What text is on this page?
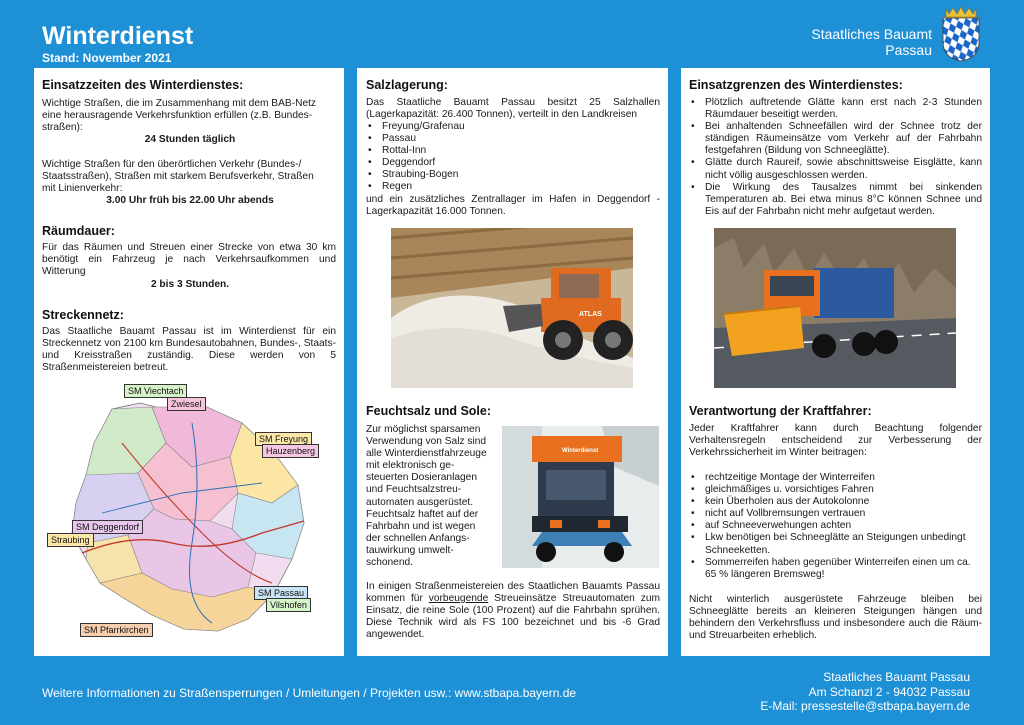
Winterdienst
Stand: November 2021
Staatliches Bauamt
Passau
Einsatzzeiten des Winterdienstes:
Wichtige Straßen, die im Zusammenhang mit dem BAB-Netz
eine herausragende Verkehrsfunktion erfüllen (z.B. Bundes-
straßen):
24 Stunden täglich
Wichtige Straßen für den überörtlichen Verkehr (Bundes-/
Staatsstraßen), Straßen mit starkem Berufsverkehr, Straßen
mit Linienverkehr:
3.00 Uhr früh bis 22.00 Uhr abends
Räumdauer:
Für das Räumen und Streuen einer Strecke von etwa 30 km benötigt ein Fahrzeug je nach Verkehrsaufkommen und Witterung
2 bis 3 Stunden.
Streckennetz:
Das Staatliche Bauamt Passau ist im Winterdienst für ein Streckennetz von 2100 km Bundesautobahnen, Bundes-, Staats- und Kreisstraßen zuständig. Diese werden von 5 Straßenmeistereien betreut.
SM Viechtach
Zwiesel
SM Freyung
Hauzenberg
SM Deggendorf
Straubing
SM Passau
Vilshofen
SM Pfarrkirchen
Salzlagerung:
Das Staatliche Bauamt Passau besitzt 25 Salzhallen (Lagerkapazität: 26.400 Tonnen), verteilt in den Landkreisen
• Freyung/Grafenau
• Passau
• Rottal-Inn
• Deggendorf
• Straubing-Bogen
• Regen
und ein zusätzliches Zentrallager im Hafen in Deggendorf - Lagerkapazität 16.000 Tonnen.
ATLAS
Feuchtsalz und Sole:
Zur möglichst sparsamen
Verwendung von Salz sind
alle Winterdienstfahrzeuge
mit elektronisch ge-
steuerten Dosieranlagen
und Feuchtsalzstreu-
automaten ausgerüstet.
Feuchtsalz haftet auf der
Fahrbahn und ist wegen
der schnellen Anfangs-
tauwirkung umwelt-
schonend.
Winterdienst
In einigen Straßenmeistereien des Staatlichen Bauamts Passau kommen für vorbeugende Streueinsätze Streuautomaten zum Einsatz, die reine Sole (100 Prozent) auf die Fahrbahn sprühen. Diese Technik wird als FS 100 bezeichnet und bis -6 Grad angewendet.
Einsatzgrenzen des Winterdienstes:
• Plötzlich auftretende Glätte kann erst nach 2-3 Stunden Räumdauer beseitigt werden.
• Bei anhaltenden Schneefällen wird der Schnee trotz der ständigen Räumeinsätze vom Verkehr auf der Fahrbahn festgefahren (Bildung von Schneeglätte).
• Glätte durch Raureif, sowie abschnittsweise Eisglätte, kann nicht völlig ausgeschlossen werden.
• Die Wirkung des Tausalzes nimmt bei sinkenden Temperaturen ab. Bei etwa minus 8°C können Schnee und Eis auf der Fahrbahn nicht mehr aufgetaut werden.
Verantwortung der Kraftfahrer:
Jeder Kraftfahrer kann durch Beachtung folgender Verhaltensregeln entscheidend zur Verbesserung der Verkehrssicherheit im Winter beitragen:
• rechtzeitige Montage der Winterreifen
• gleichmäßiges u. vorsichtiges Fahren
• kein Überholen aus der Autokolonne
• nicht auf Vollbremsungen vertrauen
• auf Schneeverwehungen achten
• Lkw benötigen bei Schneeglätte an Steigungen unbedingt Schneeketten.
• Sommerreifen haben gegenüber Winterreifen einen um ca. 65 % längeren Bremsweg!
Nicht winterlich ausgerüstete Fahrzeuge bleiben bei Schneeglätte bereits an kleineren Steigungen hängen und behindern den Verkehrsfluss und insbesondere auch die Räum- und Streuarbeiten erheblich.
Weitere Informationen zu Straßensperrungen / Umleitungen / Projekten usw.: www.stbapa.bayern.de
Staatliches Bauamt Passau
Am Schanzl 2 - 94032 Passau
E-Mail: pressestelle@stbapa.bayern.de
